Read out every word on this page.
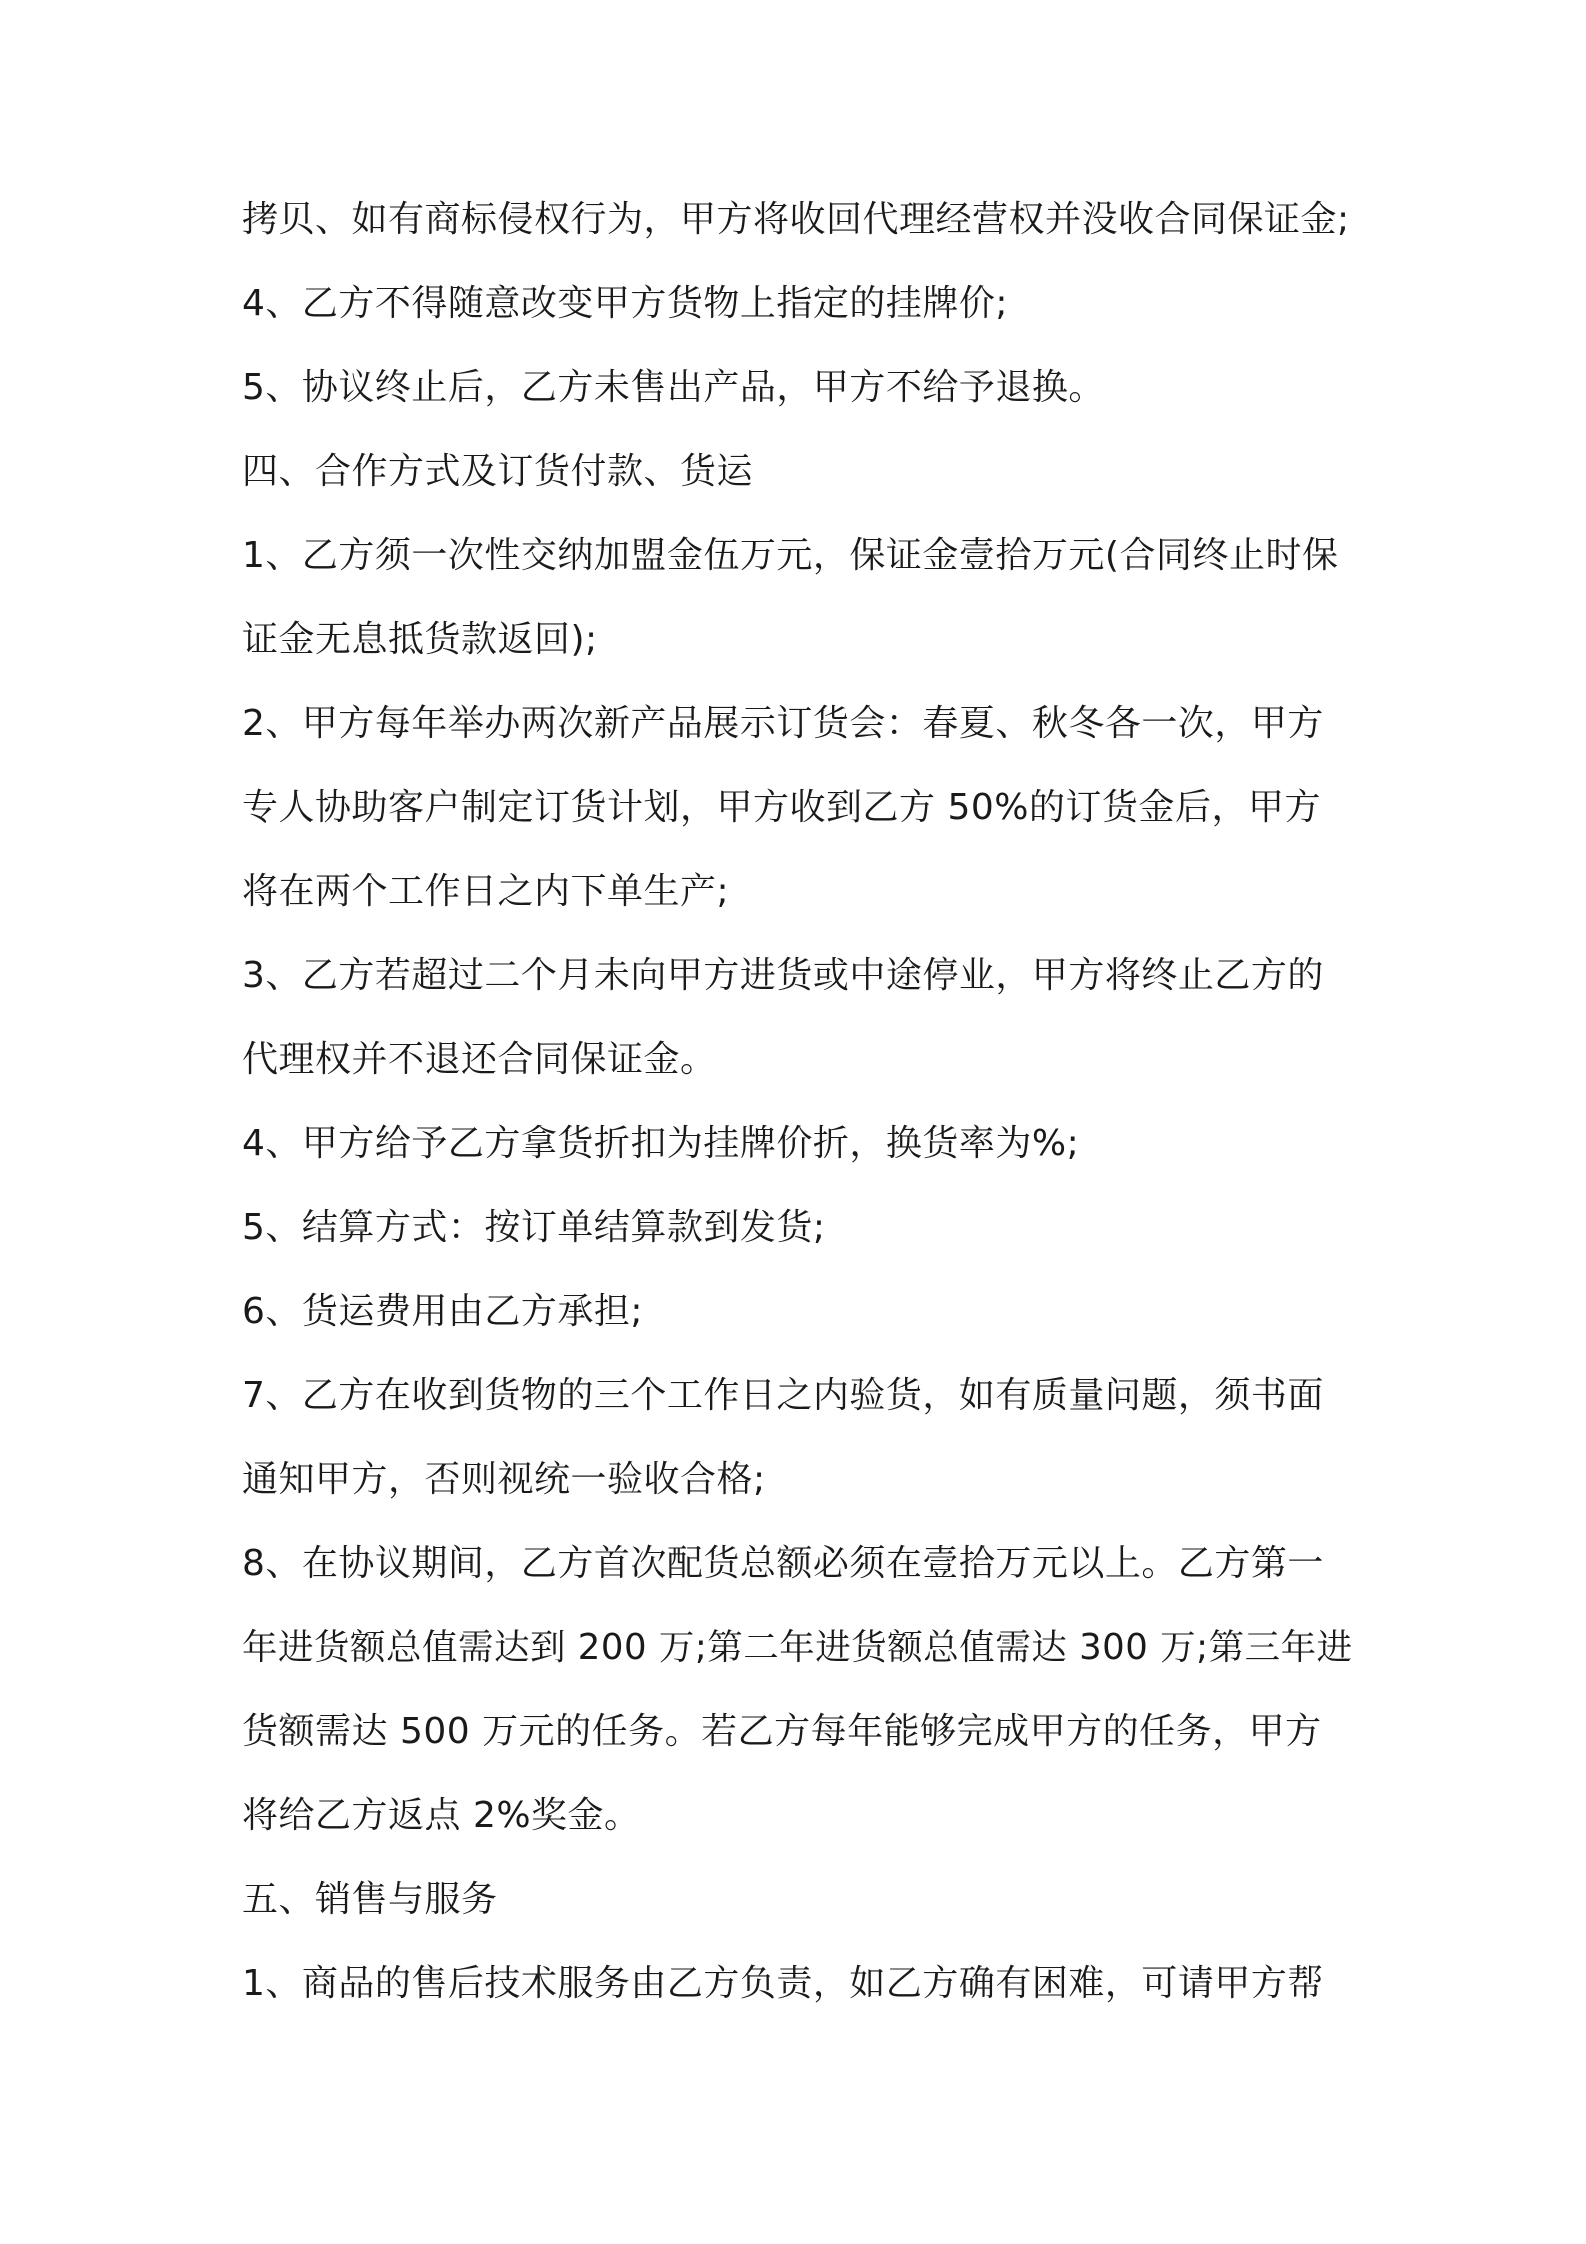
拷贝、如有商标侵权行为，甲方将收回代理经营权并没收合同保证金;
4、乙方不得随意改变甲方货物上指定的挂牌价;
5、协议终止后，乙方未售出产品，甲方不给予退换。
四、合作方式及订货付款、货运
1、乙方须一次性交纳加盟金伍万元，保证金壹拾万元(合同终止时保
证金无息抵货款返回);
2、甲方每年举办两次新产品展示订货会：春夏、秋冬各一次，甲方
专人协助客户制定订货计划，甲方收到乙方 50%的订货金后，甲方
将在两个工作日之内下单生产;
3、乙方若超过二个月未向甲方进货或中途停业，甲方将终止乙方的
代理权并不退还合同保证金。
4、甲方给予乙方拿货折扣为挂牌价折，换货率为%;
5、结算方式：按订单结算款到发货;
6、货运费用由乙方承担;
7、乙方在收到货物的三个工作日之内验货，如有质量问题，须书面
通知甲方，否则视统一验收合格;
8、在协议期间，乙方首次配货总额必须在壹拾万元以上。乙方第一
年进货额总值需达到 200 万;第二年进货额总值需达 300 万;第三年进
货额需达 500 万元的任务。若乙方每年能够完成甲方的任务，甲方
将给乙方返点 2%奖金。
五、销售与服务
1、商品的售后技术服务由乙方负责，如乙方确有困难，可请甲方帮
